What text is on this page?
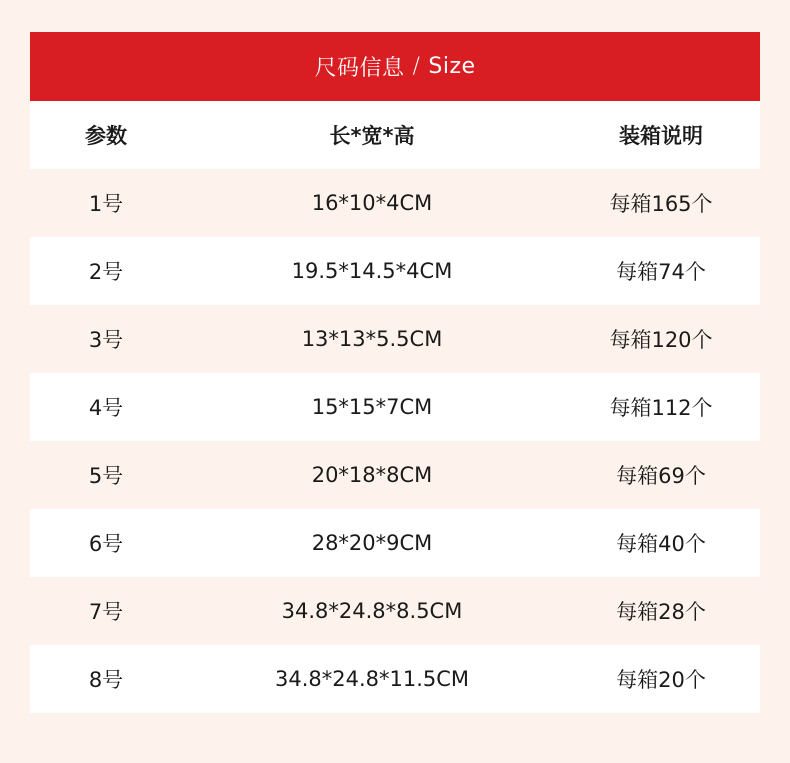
尺码信息 / Size
参数	长*宽*高	装箱说明
1号	16*10*4CM	每箱165个
2号	19.5*14.5*4CM	每箱74个
3号	13*13*5.5CM	每箱120个
4号	15*15*7CM	每箱112个
5号	20*18*8CM	每箱69个
6号	28*20*9CM	每箱40个
7号	34.8*24.8*8.5CM	每箱28个
8号	34.8*24.8*11.5CM	每箱20个
